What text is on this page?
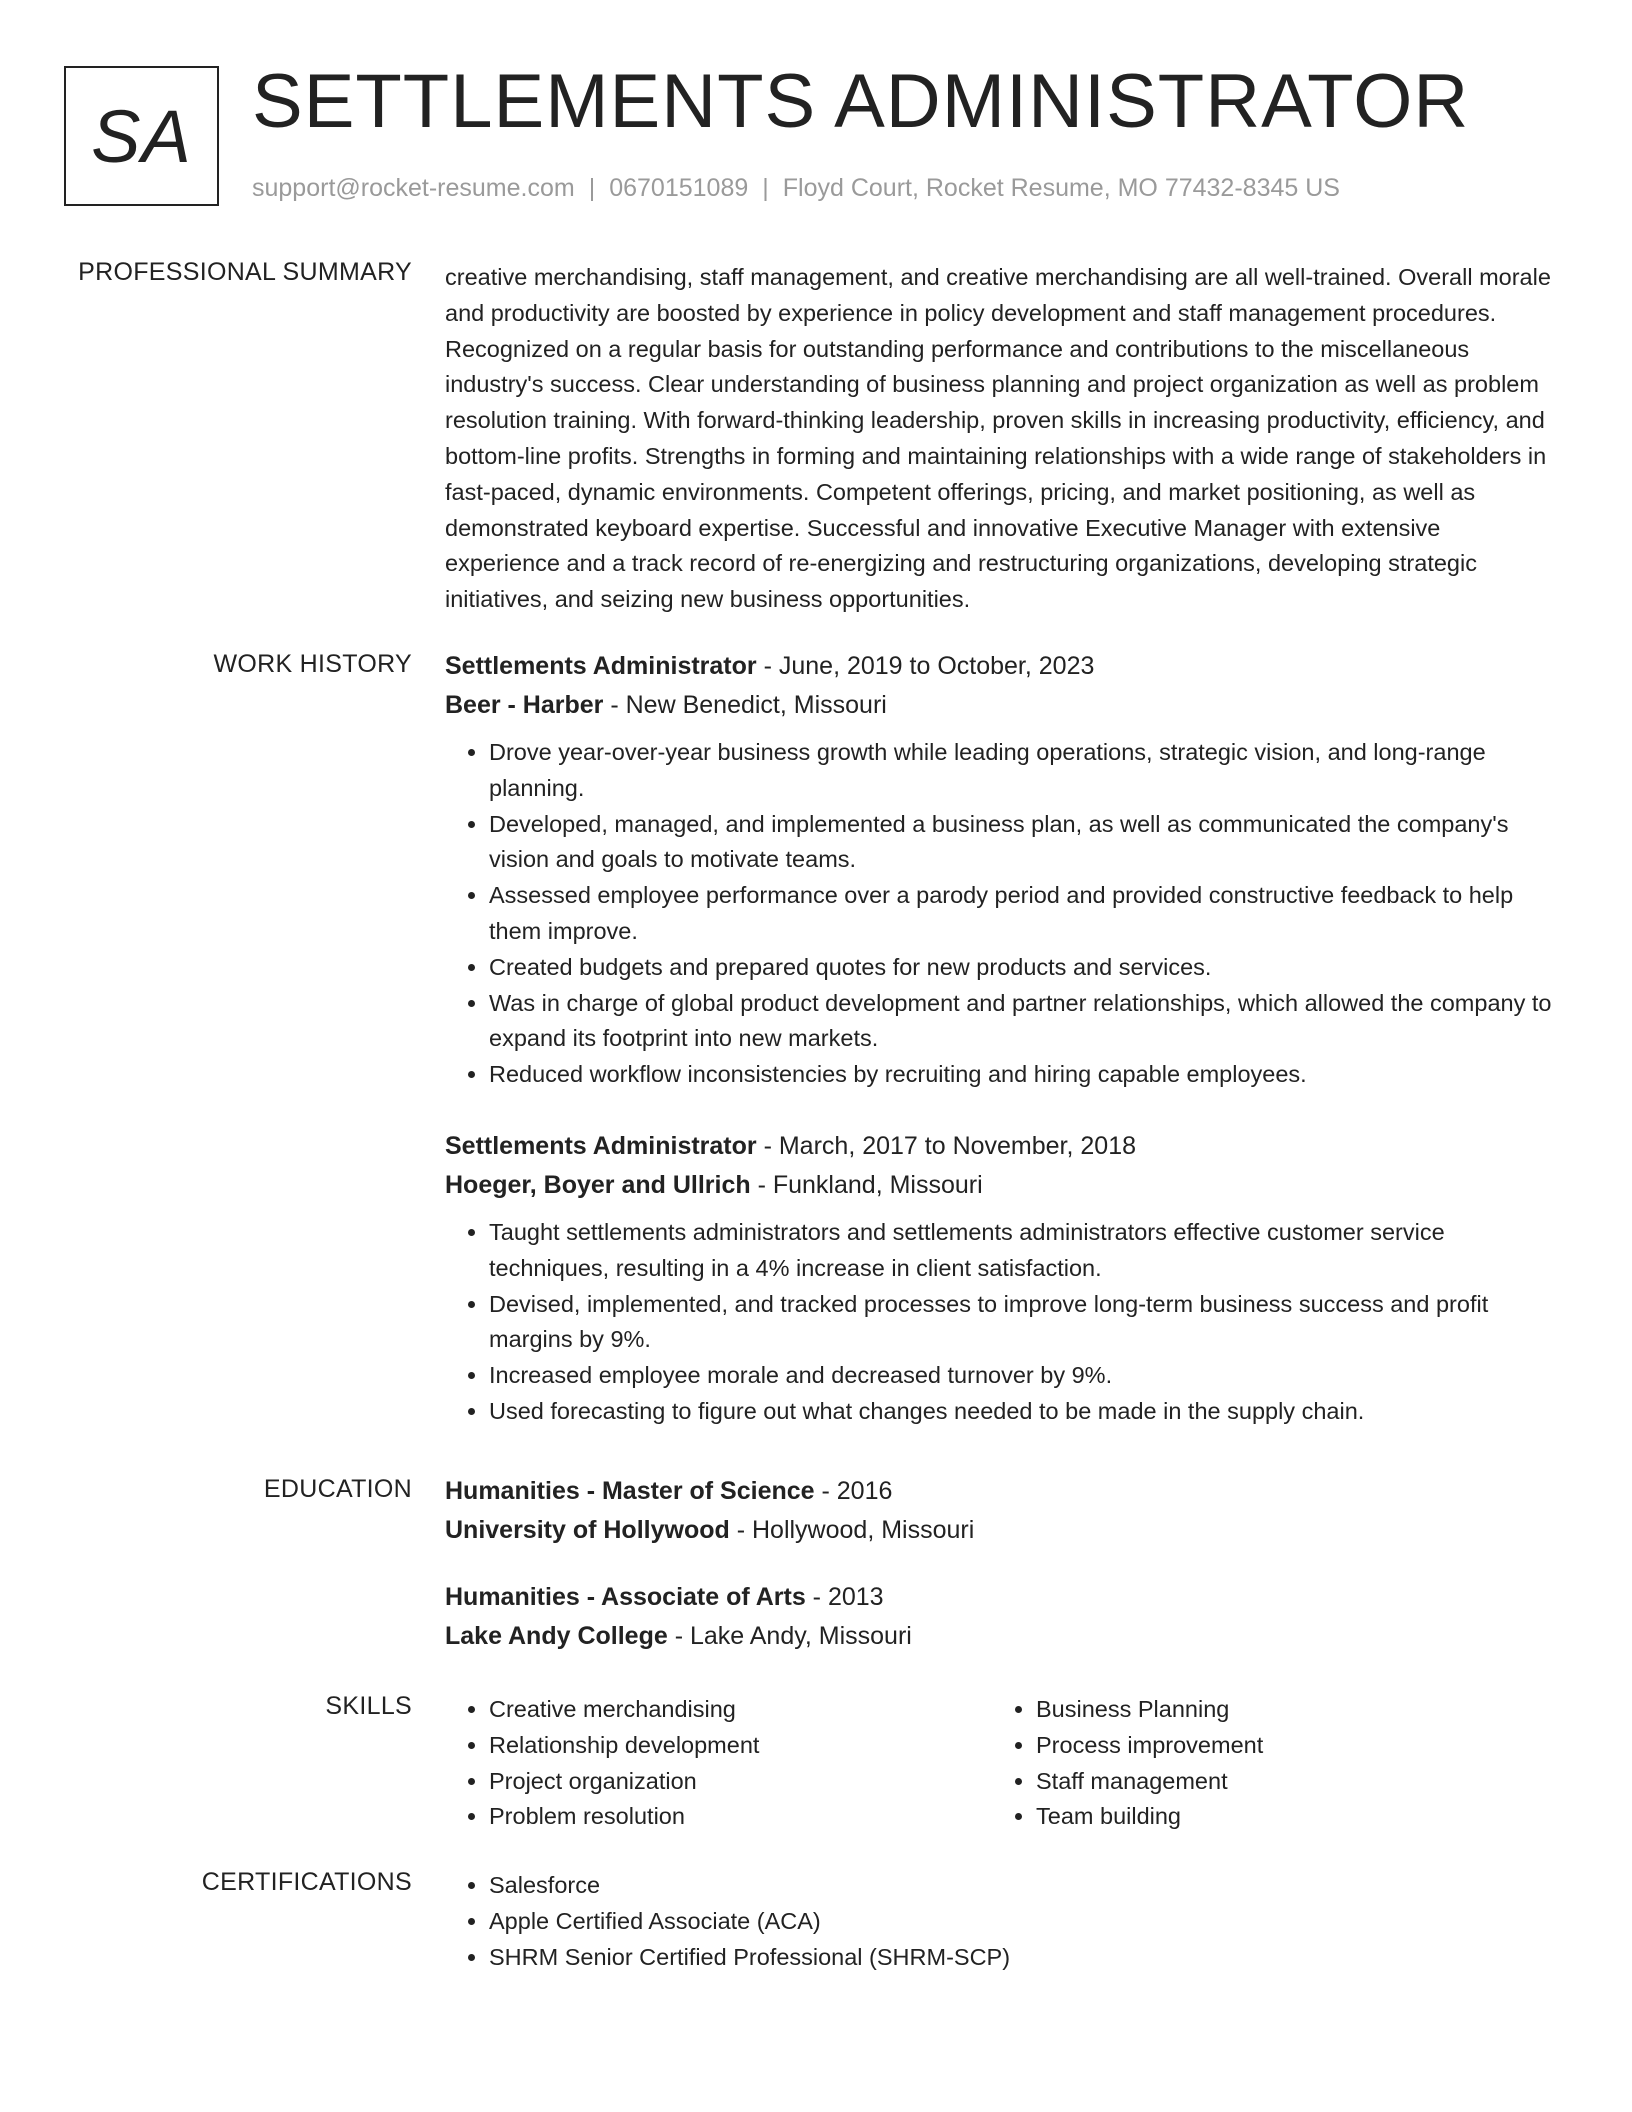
SA SETTLEMENTS ADMINISTRATOR
support@rocket-resume.com | 0670151089 | Floyd Court, Rocket Resume, MO 77432-8345 US
PROFESSIONAL SUMMARY creative merchandising, staff management, and creative merchandising are all well-trained. Overall morale and productivity are boosted by experience in policy development and staff management procedures. Recognized on a regular basis for outstanding performance and contributions to the miscellaneous industry's success. Clear understanding of business planning and project organization as well as problem resolution training. With forward-thinking leadership, proven skills in increasing productivity, efficiency, and bottom-line profits. Strengths in forming and maintaining relationships with a wide range of stakeholders in fast-paced, dynamic environments. Competent offerings, pricing, and market positioning, as well as demonstrated keyboard expertise. Successful and innovative Executive Manager with extensive experience and a track record of re-energizing and restructuring organizations, developing strategic initiatives, and seizing new business opportunities.

WORK HISTORY Settlements Administrator - June, 2019 to October, 2023
Beer - Harber - New Benedict, Missouri
• Drove year-over-year business growth while leading operations, strategic vision, and long-range planning.
• Developed, managed, and implemented a business plan, as well as communicated the company's vision and goals to motivate teams.
• Assessed employee performance over a parody period and provided constructive feedback to help them improve.
• Created budgets and prepared quotes for new products and services.
• Was in charge of global product development and partner relationships, which allowed the company to expand its footprint into new markets.
• Reduced workflow inconsistencies by recruiting and hiring capable employees.
Settlements Administrator - March, 2017 to November, 2018
Hoeger, Boyer and Ullrich - Funkland, Missouri
• Taught settlements administrators and settlements administrators effective customer service techniques, resulting in a 4% increase in client satisfaction.
• Devised, implemented, and tracked processes to improve long-term business success and profit margins by 9%.
• Increased employee morale and decreased turnover by 9%.
• Used forecasting to figure out what changes needed to be made in the supply chain.
EDUCATION Humanities - Master of Science - 2016
University of Hollywood - Hollywood, Missouri
Humanities - Associate of Arts - 2013
Lake Andy College - Lake Andy, Missouri
SKILLS	• Creative merchandising
• Relationship development
• Project organization
• Problem resolution
• Business Planning
• Process improvement
• Staff management
• Team building
CERTIFICATIONS	• Salesforce
• Apple Certified Associate (ACA)
• SHRM Senior Certified Professional (SHRM-SCP)
